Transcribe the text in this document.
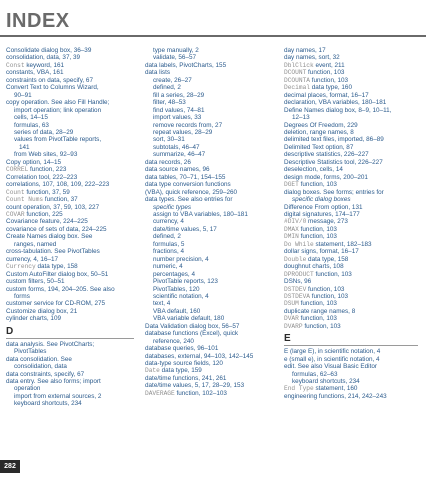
INDEX
Consolidate dialog box, 36–39
consolidation, data, 37, 39
Const keyword, 161
constants, VBA, 161
constraints on data, specify, 67
Convert Text to Columns Wizard,
90–91
copy operation. See also Fill Handle;
import operation; link operation
cells, 14–15
formulas, 63
series of data, 28–29
values from PivotTable reports,
141
from Web sites, 92–93
Copy option, 14–15
CORREL function, 223
Correlation tool, 222–223
correlations, 107, 108, 109, 222–223
Count function, 37, 59
Count Nums function, 37
count operation, 37, 59, 103, 227
COVAR function, 225
Covariance feature, 224–225
covariance of sets of data, 224–225
Create Names dialog box. See
ranges, named
cross-tabulation. See PivotTables
currency, 4, 16–17
Currency data type, 158
Custom AutoFilter dialog box, 50–51
custom filters, 50–51
custom forms, 194, 204–205. See also
forms
customer service for CD-ROM, 275
Customize dialog box, 21
cylinder charts, 109
D
data analysis. See PivotCharts;
PivotTables
data consolidation. See
consolidation, data
data constraints, specify, 67
data entry. See also forms; import
operation
import from external sources, 2
keyboard shortcuts, 234
type manually, 2
validate, 56–57
data labels, PivotCharts, 155
data lists
create, 26–27
defined, 2
fill a series, 28–29
filter, 48–53
find values, 74–81
import values, 33
remove records from, 27
repeat values, 28–29
sort, 30–31
subtotals, 46–47
summarize, 46–47
data records, 26
data source names, 96
data tables, 70–71, 154–155
data type conversion functions
(VBA), quick reference, 259–260
data types. See also entries for
specific types
assign to VBA variables, 180–181
currency, 4
date/time values, 5, 17
defined, 2
formulas, 5
fractions, 4
number precision, 4
numeric, 4
percentages, 4
PivotTable reports, 123
PivotTables, 120
scientific notation, 4
text, 4
VBA default, 160
VBA variable default, 180
Data Validation dialog box, 56–57
database functions (Excel), quick
reference, 240
database queries, 96–101
databases, external, 94–103, 142–145
data-type source fields, 120
Date data type, 159
date/time functions, 241, 261
date/time values, 5, 17, 28–29, 153
DAVERAGE function, 102–103
day names, 17
day names, sort, 32
DblClick event, 211
DCOUNT function, 103
DCOUNTA function, 103
Decimal data type, 160
decimal places, format, 16–17
declaration, VBA variables, 180–181
Define Names dialog box, 8–9, 10–11,
12–13
Degrees Of Freedom, 229
deletion, range names, 8
delimited text files, imported, 86–89
Delimited Text option, 87
descriptive statistics, 226–227
Descriptive Statistics tool, 226–227
deselection, cells, 14
design mode, forms, 200–201
DGET function, 103
dialog boxes. See forms; entries for
specific dialog boxes
Difference From option, 131
digital signatures, 174–177
#DIV/0 message, 273
DMAX function, 103
DMIN function, 103
Do While statement, 182–183
dollar signs, format, 16–17
Double data type, 158
doughnut charts, 108
DPRODUCT function, 103
DSNs, 96
DSTDEV function, 103
DSTDEVA function, 103
DSUM function, 103
duplicate range names, 8
DVAR function, 103
DVARP function, 103
E
E (large E), in scientific notation, 4
e (small e), in scientific notation, 4
edit. See also Visual Basic Editor
formulas, 62–63
keyboard shortcuts, 234
End Type statement, 160
engineering functions, 214, 242–243
282
